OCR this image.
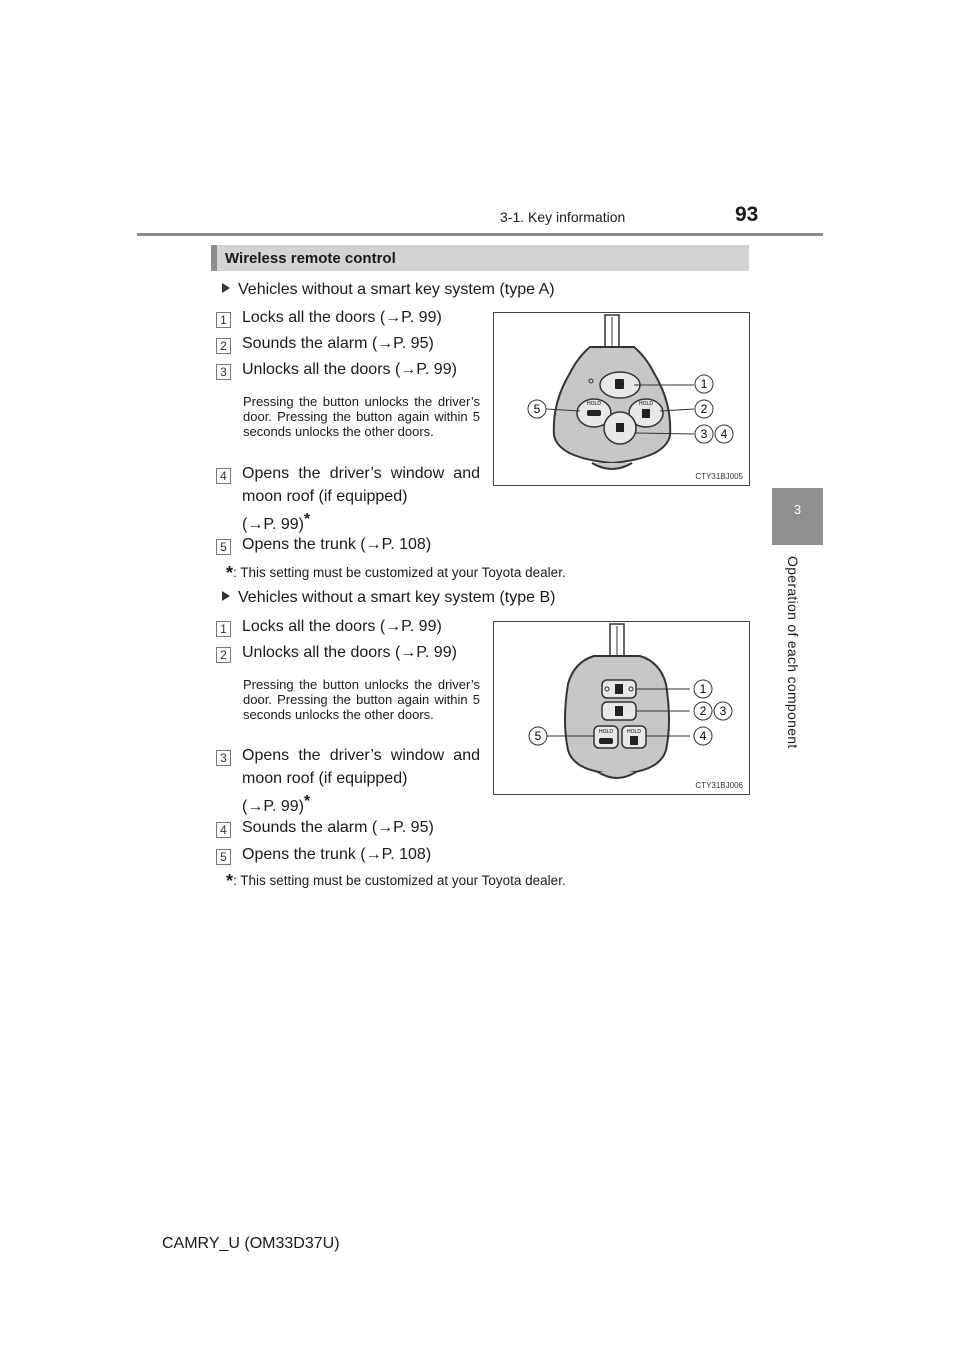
3-1. Key information	93
3
Operation of each component
Wireless remote control
Vehicles without a smart key system (type A)
1 Locks all the doors (→P. 99)
2 Sounds the alarm (→P. 95)
3 Unlocks all the doors (→P. 99)
Pressing the button unlocks the driver’s door. Pressing the button again within 5 seconds unlocks the other doors.
4 Opens the driver’s window and
moon roof (if equipped)
(→P. 99)*
5 Opens the trunk (→P. 108)
*: This setting must be customized at your Toyota dealer.
HOLD	HOLD
1
2
3 4
5
CTY31BJ005
Vehicles without a smart key system (type B)
1 Locks all the doors (→P. 99)
2 Unlocks all the doors (→P. 99)
Pressing the button unlocks the driver’s door. Pressing the button again within 5 seconds unlocks the other doors.
3 Opens the driver’s window and
moon roof (if equipped)
(→P. 99)*
4 Sounds the alarm (→P. 95)
5 Opens the trunk (→P. 108)
*: This setting must be customized at your Toyota dealer.
HOLD	HOLD
1
2 3
4
5
CTY31BJ006
CAMRY_U (OM33D37U)
